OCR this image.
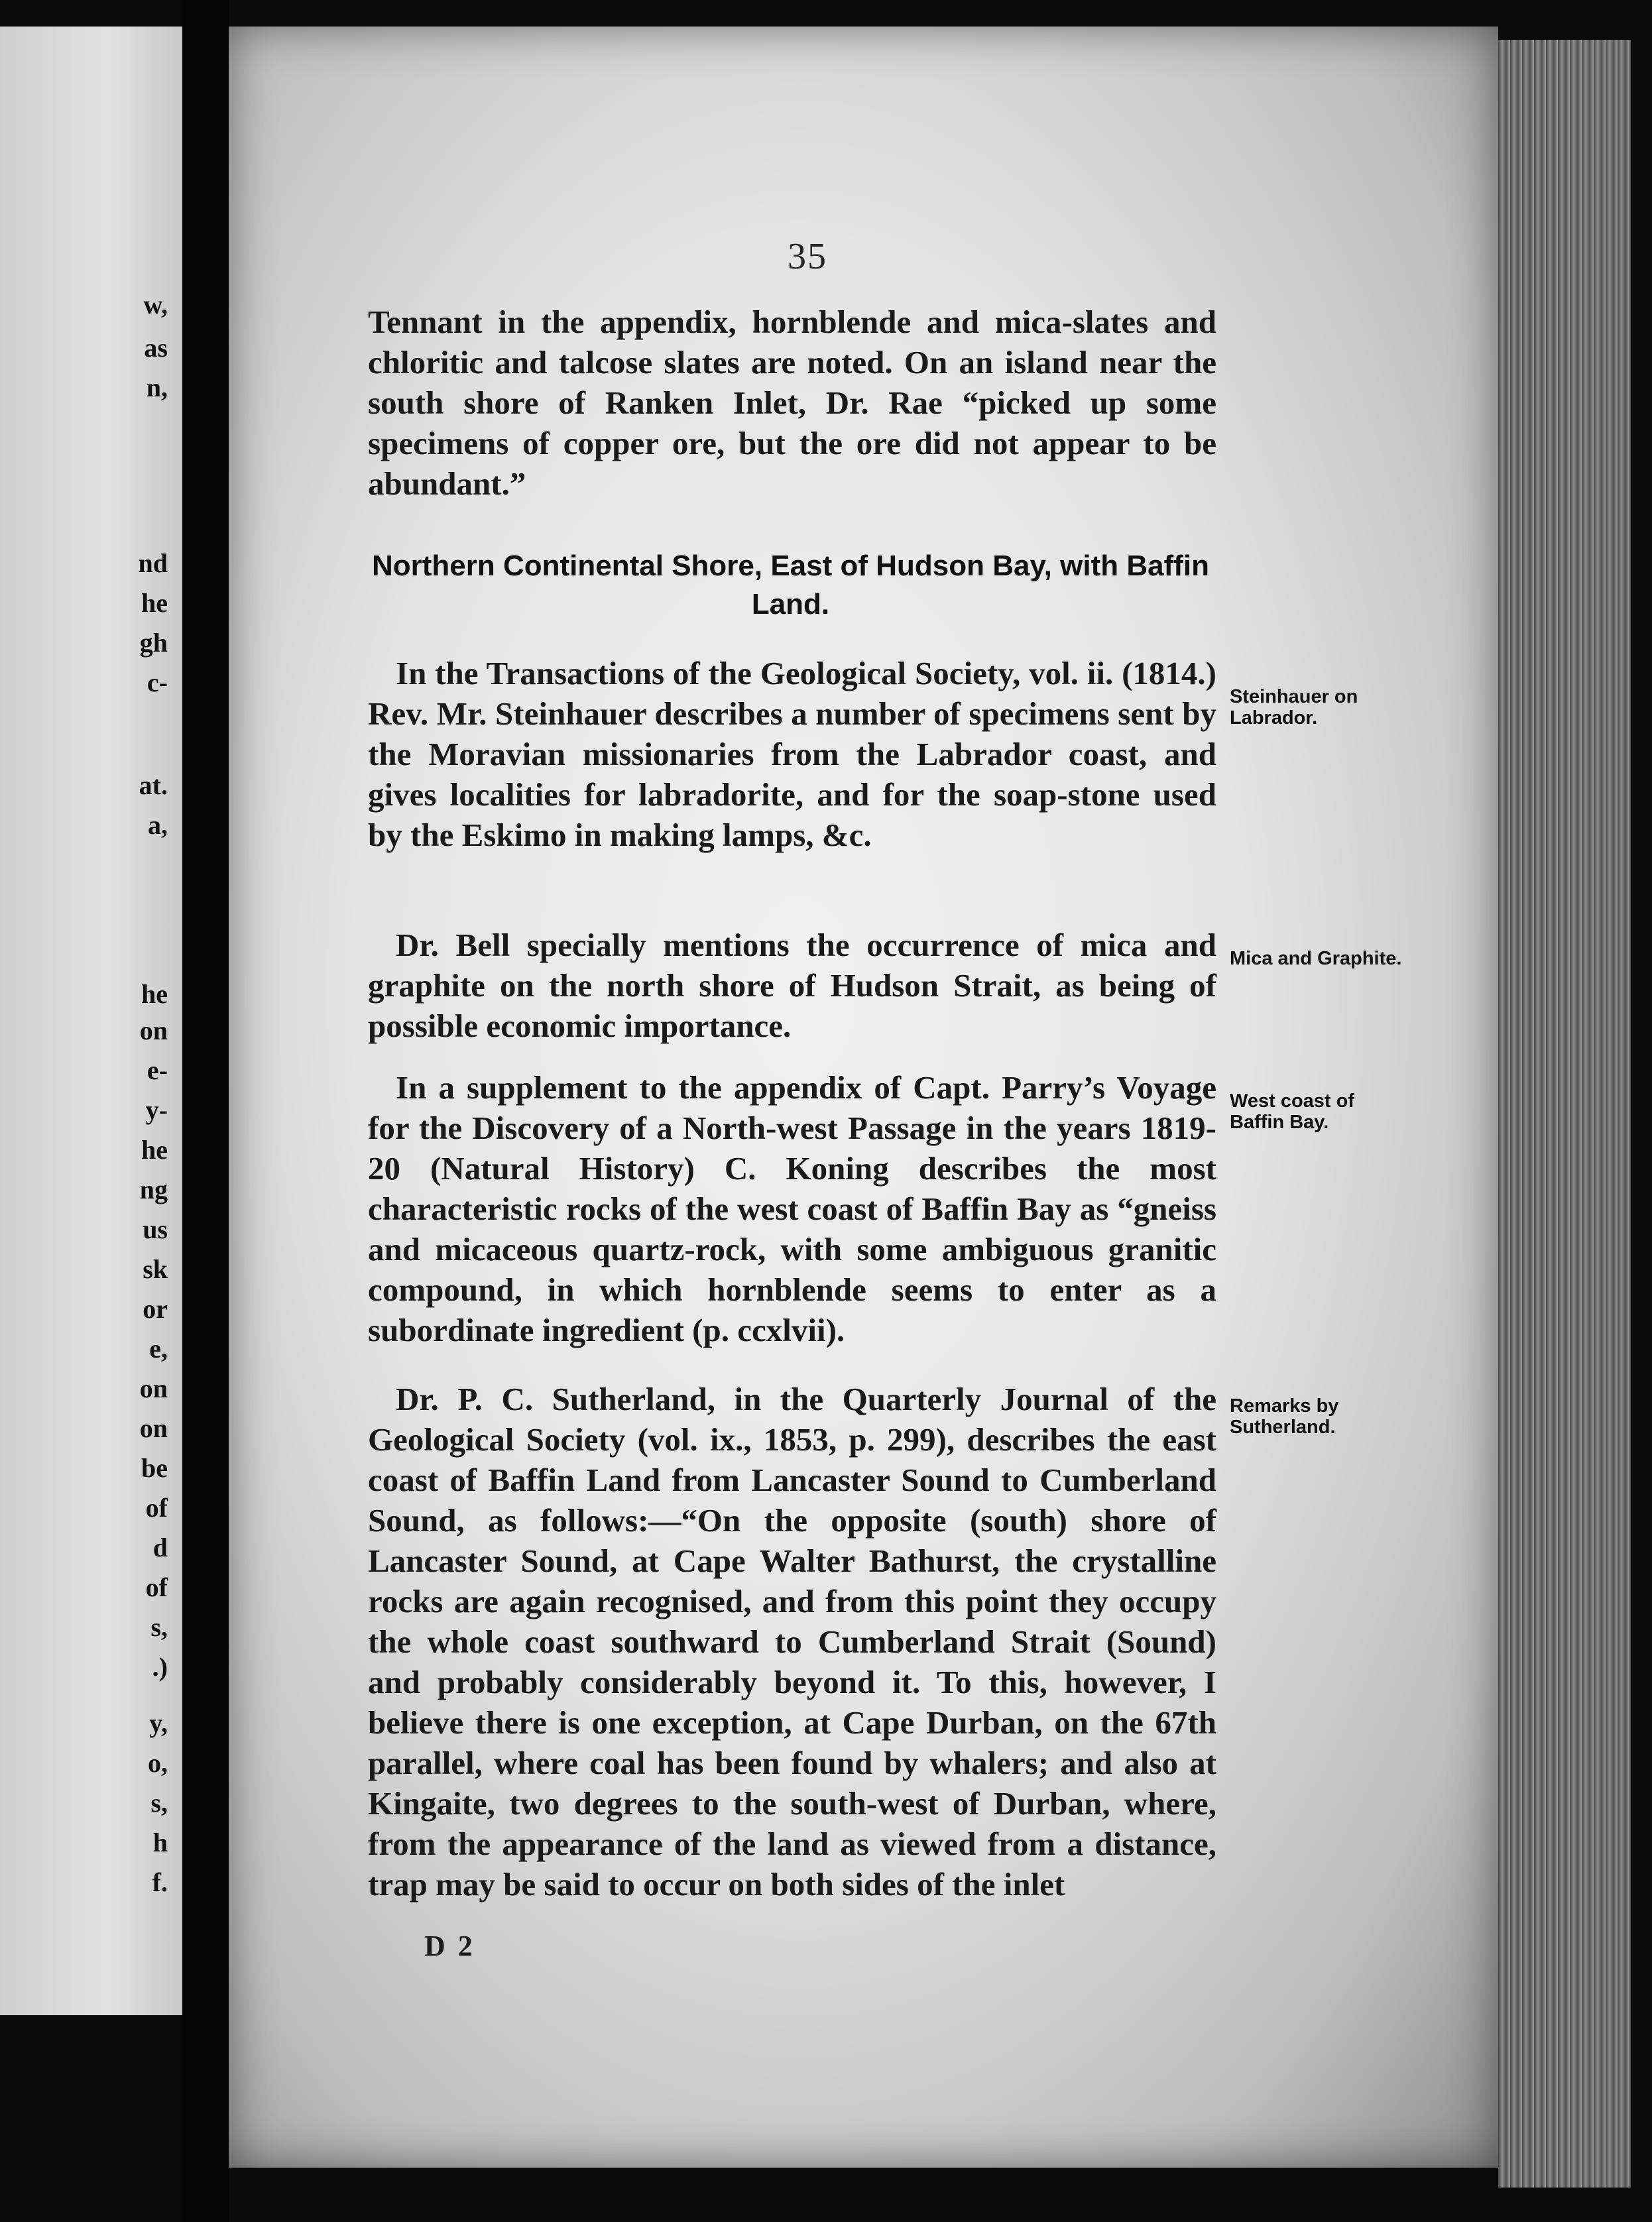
w,
as
n,
nd
he
gh
c-
at.
a,
he
on
e-
y-
he
ng
us
sk
or
e,
on
on
be
of
d
of
s,
.)
y,
o,
s,
h
f.
35

Tennant in the appendix, hornblende and mica-slates and chloritic and talcose slates are noted. On an island near the south shore of Ranken Inlet, Dr. Rae “picked up some specimens of copper ore, but the ore did not appear to be abundant.”

Northern Continental Shore, East of Hudson Bay, with Baffin Land.

In the Transactions of the Geological Society, vol. ii. (1814.) Rev. Mr. Steinhauer describes a number of specimens sent by the Moravian missionaries from the Labrador coast, and gives localities for labradorite, and for the soap-stone used by the Eskimo in making lamps, &c.

Steinhauer on Labrador.

Dr. Bell specially mentions the occurrence of mica and graphite on the north shore of Hudson Strait, as being of possible economic importance.

Mica and Graphite.

In a supplement to the appendix of Capt. Parry’s Voyage for the Discovery of a North-west Passage in the years 1819-20 (Natural History) C. Koning describes the most characteristic rocks of the west coast of Baffin Bay as “gneiss and micaceous quartz-rock, with some ambiguous granitic compound, in which hornblende seems to enter as a subordinate ingredient (p. ccxlvii).

West coast of Baffin Bay.

Dr. P. C. Sutherland, in the Quarterly Journal of the Geological Society (vol. ix., 1853, p. 299), describes the east coast of Baffin Land from Lancaster Sound to Cumberland Sound, as follows:—“On the opposite (south) shore of Lancaster Sound, at Cape Walter Bathurst, the crystalline rocks are again recognised, and from this point they occupy the whole coast southward to Cumberland Strait (Sound) and probably considerably beyond it. To this, however, I believe there is one exception, at Cape Durban, on the 67th parallel, where coal has been found by whalers; and also at Kingaite, two degrees to the south-west of Durban, where, from the appearance of the land as viewed from a distance, trap may be said to occur on both sides of the inlet

Remarks by Sutherland.

D 2
